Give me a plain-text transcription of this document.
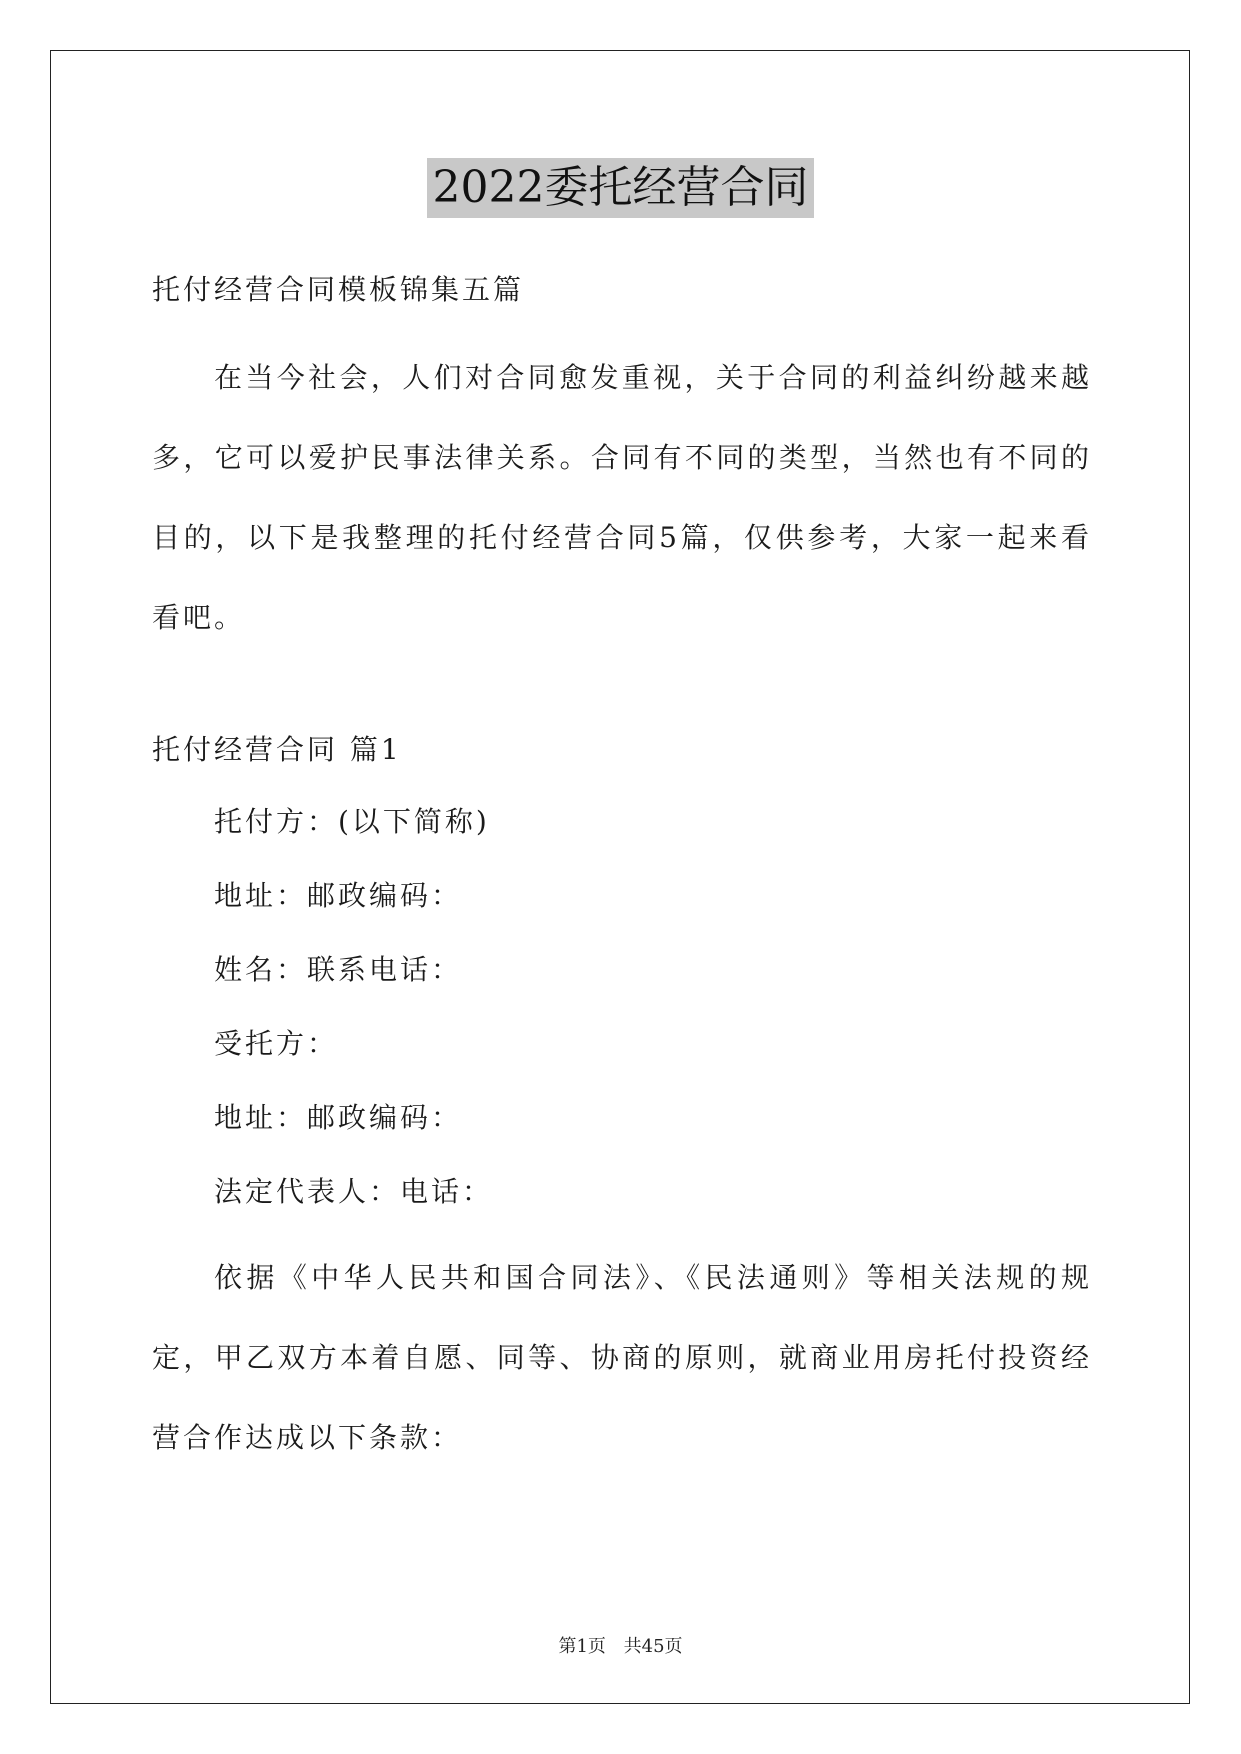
2022委托经营合同
托付经营合同模板锦集五篇

在当今社会，人们对合同愈发重视，关于合同的利益纠纷越来越多，它可以爱护民事法律关系。合同有不同的类型，当然也有不同的目的，以下是我整理的托付经营合同5篇，仅供参考，大家一起来看看吧。

托付经营合同 篇1
托付方：(以下简称)
地址：邮政编码：
姓名：联系电话：
受托方：
地址：邮政编码：
法定代表人：电话：

依据《中华人民共和国合同法》、《民法通则》等相关法规的规定，甲乙双方本着自愿、同等、协商的原则，就商业用房托付投资经营合作达成以下条款：

第1页 共45页
